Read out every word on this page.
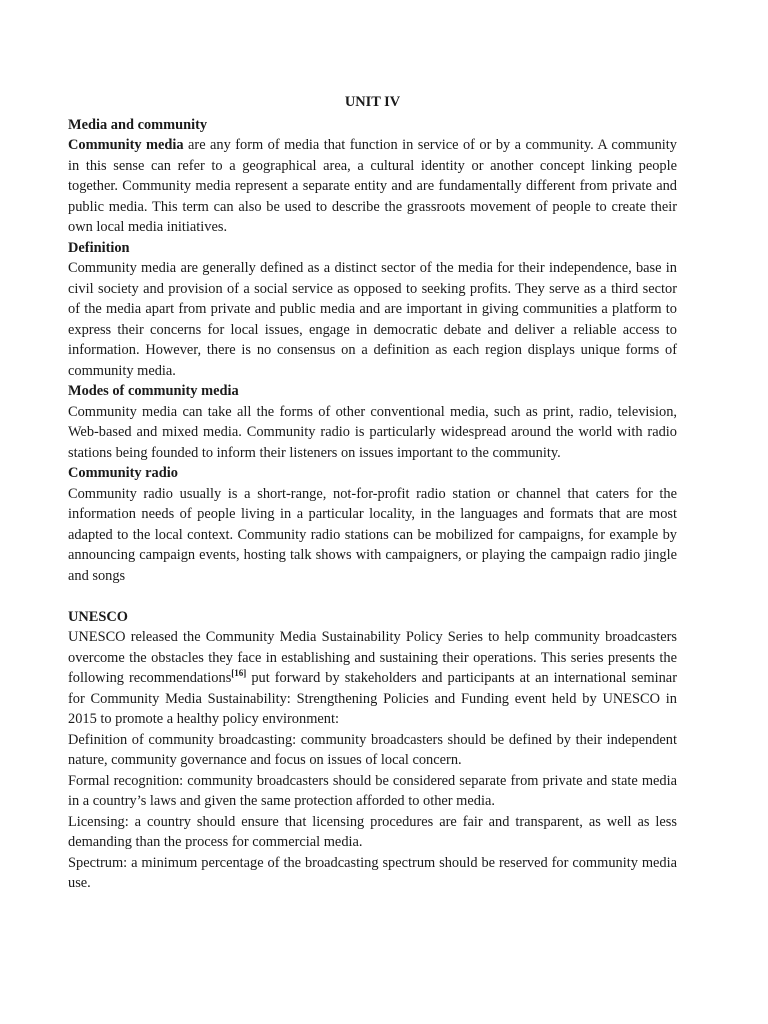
UNIT IV

Media and community

Community media are any form of media that function in service of or by a community. A community in this sense can refer to a geographical area, a cultural identity or another concept linking people together. Community media represent a separate entity and are fundamentally different from private and public media. This term can also be used to describe the grassroots movement of people to create their own local media initiatives.

Definition

Community media are generally defined as a distinct sector of the media for their independence, base in civil society and provision of a social service as opposed to seeking profits. They serve as a third sector of the media apart from private and public media and are important in giving communities a platform to express their concerns for local issues, engage in democratic debate and deliver a reliable access to information. However, there is no consensus on a definition as each region displays unique forms of community media.

Modes of community media

Community media can take all the forms of other conventional media, such as print, radio, television, Web-based and mixed media. Community radio is particularly widespread around the world with radio stations being founded to inform their listeners on issues important to the community.

Community radio

Community radio usually is a short-range, not-for-profit radio station or channel that caters for the information needs of people living in a particular locality, in the languages and formats that are most adapted to the local context. Community radio stations can be mobilized for campaigns, for example by announcing campaign events, hosting talk shows with campaigners, or playing the campaign radio jingle and songs

UNESCO

UNESCO released the Community Media Sustainability Policy Series to help community broadcasters overcome the obstacles they face in establishing and sustaining their operations. This series presents the following recommendations[16] put forward by stakeholders and participants at an international seminar for Community Media Sustainability: Strengthening Policies and Funding event held by UNESCO in 2015 to promote a healthy policy environment:

Definition of community broadcasting: community broadcasters should be defined by their independent nature, community governance and focus on issues of local concern.

Formal recognition: community broadcasters should be considered separate from private and state media in a country’s laws and given the same protection afforded to other media.

Licensing: a country should ensure that licensing procedures are fair and transparent, as well as less demanding than the process for commercial media.

Spectrum: a minimum percentage of the broadcasting spectrum should be reserved for community media use.
